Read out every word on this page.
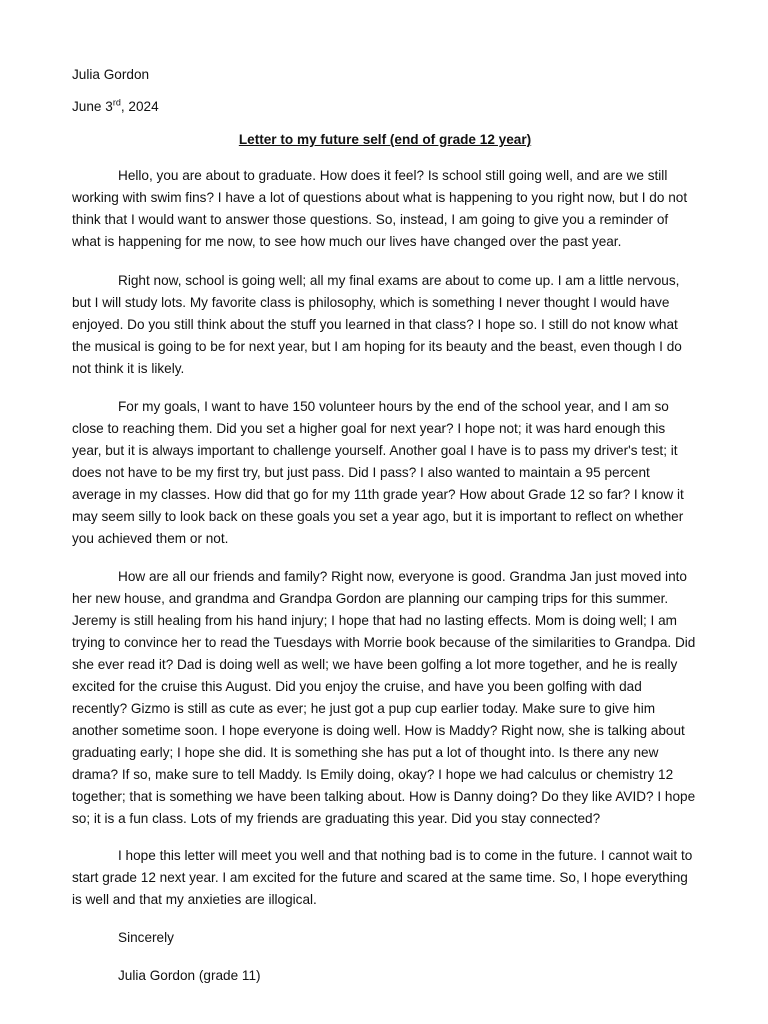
Julia Gordon

June 3rd, 2024

Letter to my future self (end of grade 12 year)

Hello, you are about to graduate. How does it feel? Is school still going well, and are we still working with swim fins? I have a lot of questions about what is happening to you right now, but I do not think that I would want to answer those questions. So, instead, I am going to give you a reminder of what is happening for me now, to see how much our lives have changed over the past year.

Right now, school is going well; all my final exams are about to come up. I am a little nervous, but I will study lots. My favorite class is philosophy, which is something I never thought I would have enjoyed. Do you still think about the stuff you learned in that class? I hope so. I still do not know what the musical is going to be for next year, but I am hoping for its beauty and the beast, even though I do not think it is likely.

For my goals, I want to have 150 volunteer hours by the end of the school year, and I am so close to reaching them. Did you set a higher goal for next year? I hope not; it was hard enough this year, but it is always important to challenge yourself. Another goal I have is to pass my driver's test; it does not have to be my first try, but just pass. Did I pass? I also wanted to maintain a 95 percent average in my classes. How did that go for my 11th grade year? How about Grade 12 so far? I know it may seem silly to look back on these goals you set a year ago, but it is important to reflect on whether you achieved them or not.

How are all our friends and family? Right now, everyone is good. Grandma Jan just moved into her new house, and grandma and Grandpa Gordon are planning our camping trips for this summer. Jeremy is still healing from his hand injury; I hope that had no lasting effects. Mom is doing well; I am trying to convince her to read the Tuesdays with Morrie book because of the similarities to Grandpa. Did she ever read it? Dad is doing well as well; we have been golfing a lot more together, and he is really excited for the cruise this August. Did you enjoy the cruise, and have you been golfing with dad recently? Gizmo is still as cute as ever; he just got a pup cup earlier today. Make sure to give him another sometime soon. I hope everyone is doing well. How is Maddy? Right now, she is talking about graduating early; I hope she did. It is something she has put a lot of thought into. Is there any new drama? If so, make sure to tell Maddy. Is Emily doing, okay? I hope we had calculus or chemistry 12 together; that is something we have been talking about. How is Danny doing? Do they like AVID? I hope so; it is a fun class. Lots of my friends are graduating this year. Did you stay connected?

I hope this letter will meet you well and that nothing bad is to come in the future. I cannot wait to start grade 12 next year. I am excited for the future and scared at the same time. So, I hope everything is well and that my anxieties are illogical.

Sincerely

Julia Gordon (grade 11)
